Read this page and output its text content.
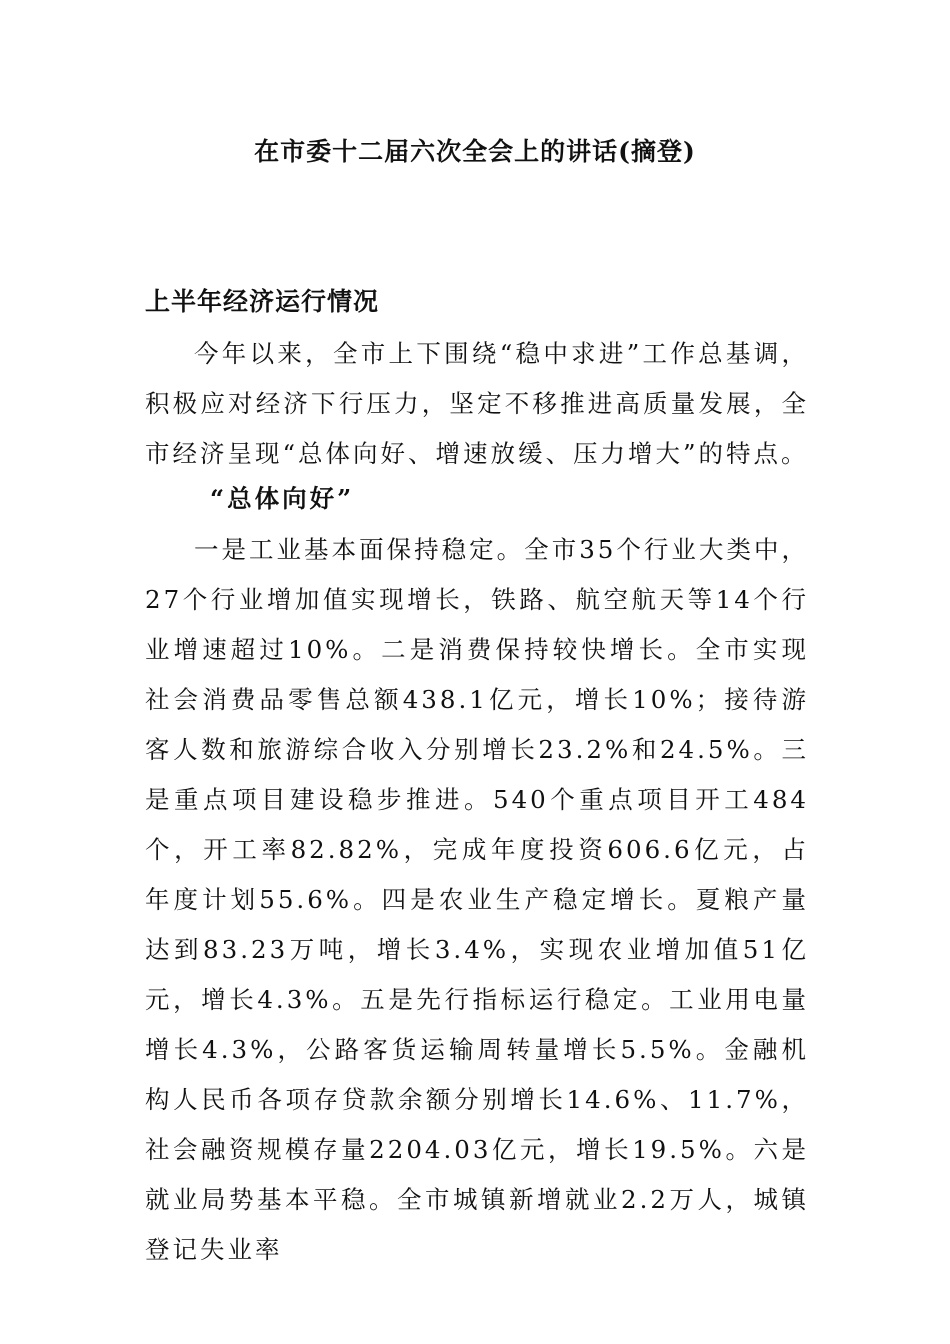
在市委十二届六次全会上的讲话(摘登)
上半年经济运行情况

今年以来，全市上下围绕“稳中求进”工作总基调，积极应对经济下行压力，坚定不移推进高质量发展，全市经济呈现“总体向好、增速放缓、压力增大”的特点。

“总体向好”

一是工业基本面保持稳定。全市35个行业大类中，27个行业增加值实现增长，铁路、航空航天等14个行业增速超过10%。二是消费保持较快增长。全市实现社会消费品零售总额438.1亿元，增长10%；接待游客人数和旅游综合收入分别增长23.2%和24.5%。三是重点项目建设稳步推进。540个重点项目开工484个，开工率82.82%，完成年度投资606.6亿元，占年度计划55.6%。四是农业生产稳定增长。夏粮产量达到83.23万吨，增长3.4%，实现农业增加值51亿元，增长4.3%。五是先行指标运行稳定。工业用电量增长4.3%，公路客货运输周转量增长5.5%。金融机构人民币各项存贷款余额分别增长14.6%、11.7%，社会融资规模存量2204.03亿元，增长19.5%。六是就业局势基本平稳。全市城镇新增就业2.2万人，城镇登记失业率
